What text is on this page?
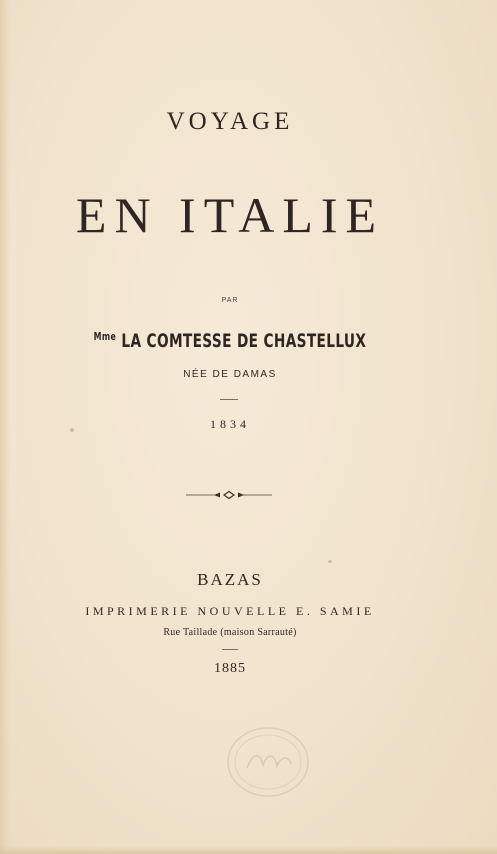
VOYAGE
EN ITALIE
PAR
$^{Mme}$ LA COMTESSE DE CHASTELLUX
NÉE DE DAMAS
1834
BAZAS
IMPRIMERIE NOUVELLE E. SAMIE
Rue Taillade (maison Sarrauté)
1885
